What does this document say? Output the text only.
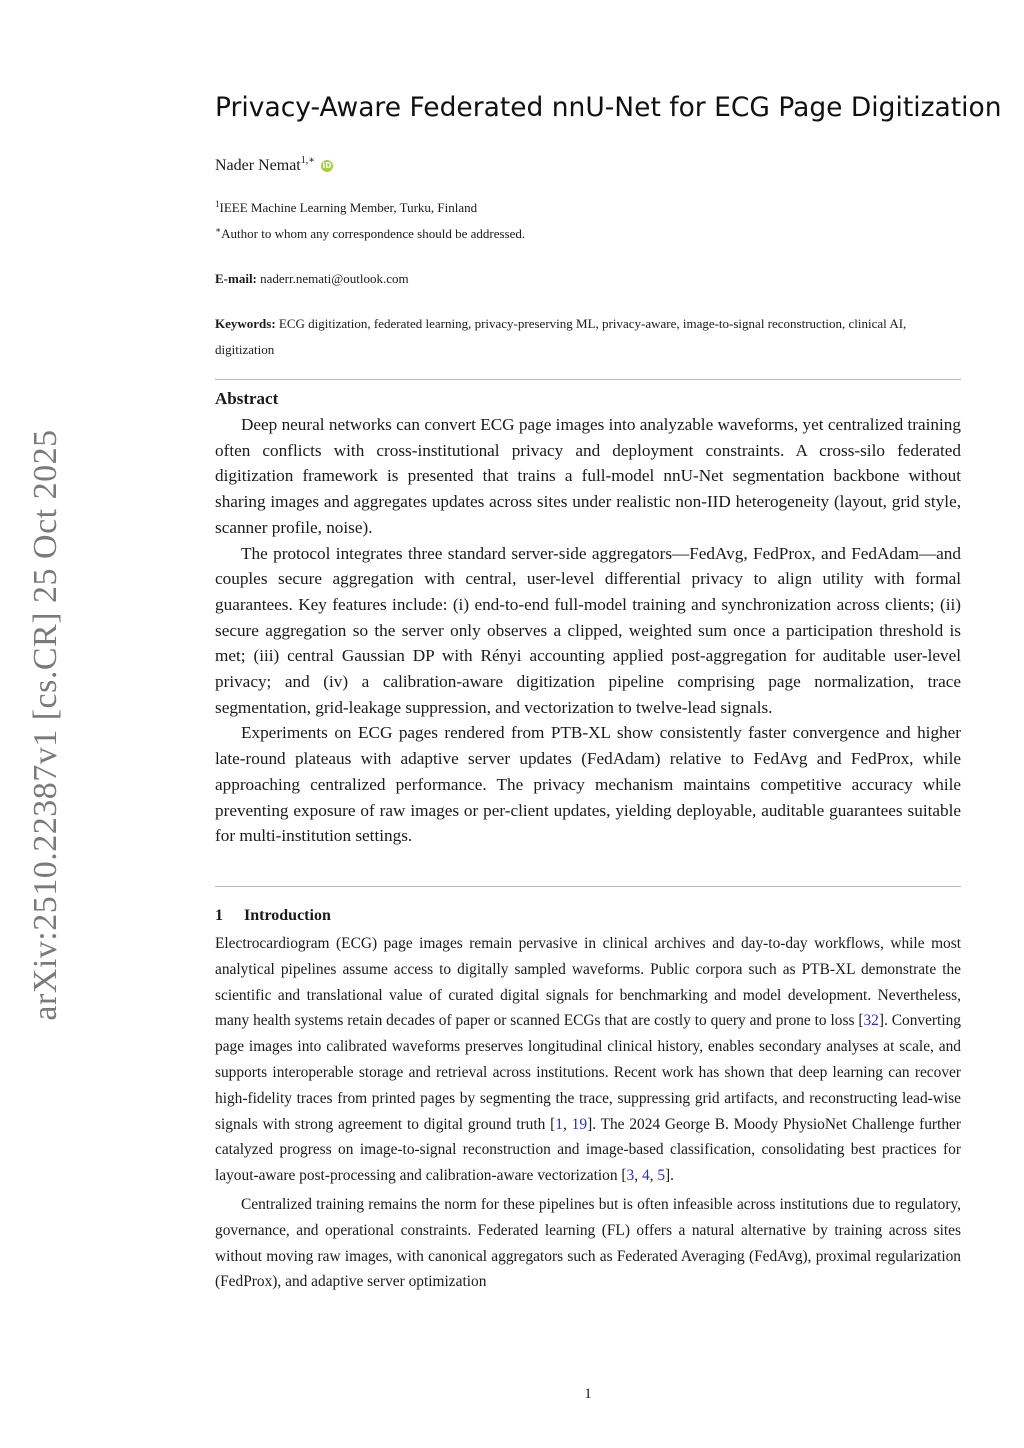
arXiv:2510.22387v1 [cs.CR] 25 Oct 2025
Privacy-Aware Federated nnU-Net for ECG Page Digitization
Nader Nemat$^{1,∗}$ iD
$^1$IEEE Machine Learning Member, Turku, Finland
∗Author to whom any correspondence should be addressed.
E-mail: naderr.nemati@outlook.com
Keywords: ECG digitization, federated learning, privacy-preserving ML, privacy-aware, image-to-signal reconstruction, clinical AI, digitization
Abstract

Deep neural networks can convert ECG page images into analyzable waveforms, yet centralized training often conflicts with cross-institutional privacy and deployment constraints. A cross-silo federated digitization framework is presented that trains a full-model nnU-Net segmentation backbone without sharing images and aggregates updates across sites under realistic non-IID heterogeneity (layout, grid style, scanner profile, noise).

The protocol integrates three standard server-side aggregators—FedAvg, FedProx, and FedAdam—and couples secure aggregation with central, user-level differential privacy to align utility with formal guarantees. Key features include: (i) end-to-end full-model training and synchronization across clients; (ii) secure aggregation so the server only observes a clipped, weighted sum once a participation threshold is met; (iii) central Gaussian DP with Rényi accounting applied post-aggregation for auditable user-level privacy; and (iv) a calibration-aware digitization pipeline comprising page normalization, trace segmentation, grid-leakage suppression, and vectorization to twelve-lead signals.

Experiments on ECG pages rendered from PTB-XL show consistently faster convergence and higher late-round plateaus with adaptive server updates (FedAdam) relative to FedAvg and FedProx, while approaching centralized performance. The privacy mechanism maintains competitive accuracy while preventing exposure of raw images or per-client updates, yielding deployable, auditable guarantees suitable for multi-institution settings.

1 Introduction

Electrocardiogram (ECG) page images remain pervasive in clinical archives and day-to-day workflows, while most analytical pipelines assume access to digitally sampled waveforms. Public corpora such as PTB-XL demonstrate the scientific and translational value of curated digital signals for benchmarking and model development. Nevertheless, many health systems retain decades of paper or scanned ECGs that are costly to query and prone to loss [32]. Converting page images into calibrated waveforms preserves longitudinal clinical history, enables secondary analyses at scale, and supports interoperable storage and retrieval across institutions. Recent work has shown that deep learning can recover high-fidelity traces from printed pages by segmenting the trace, suppressing grid artifacts, and reconstructing lead-wise signals with strong agreement to digital ground truth [1, 19]. The 2024 George B. Moody PhysioNet Challenge further catalyzed progress on image-to-signal reconstruction and image-based classification, consolidating best practices for layout-aware post-processing and calibration-aware vectorization [3, 4, 5].

Centralized training remains the norm for these pipelines but is often infeasible across institutions due to regulatory, governance, and operational constraints. Federated learning (FL) offers a natural alternative by training across sites without moving raw images, with canonical aggregators such as Federated Averaging (FedAvg), proximal regularization (FedProx), and adaptive server optimization

1
